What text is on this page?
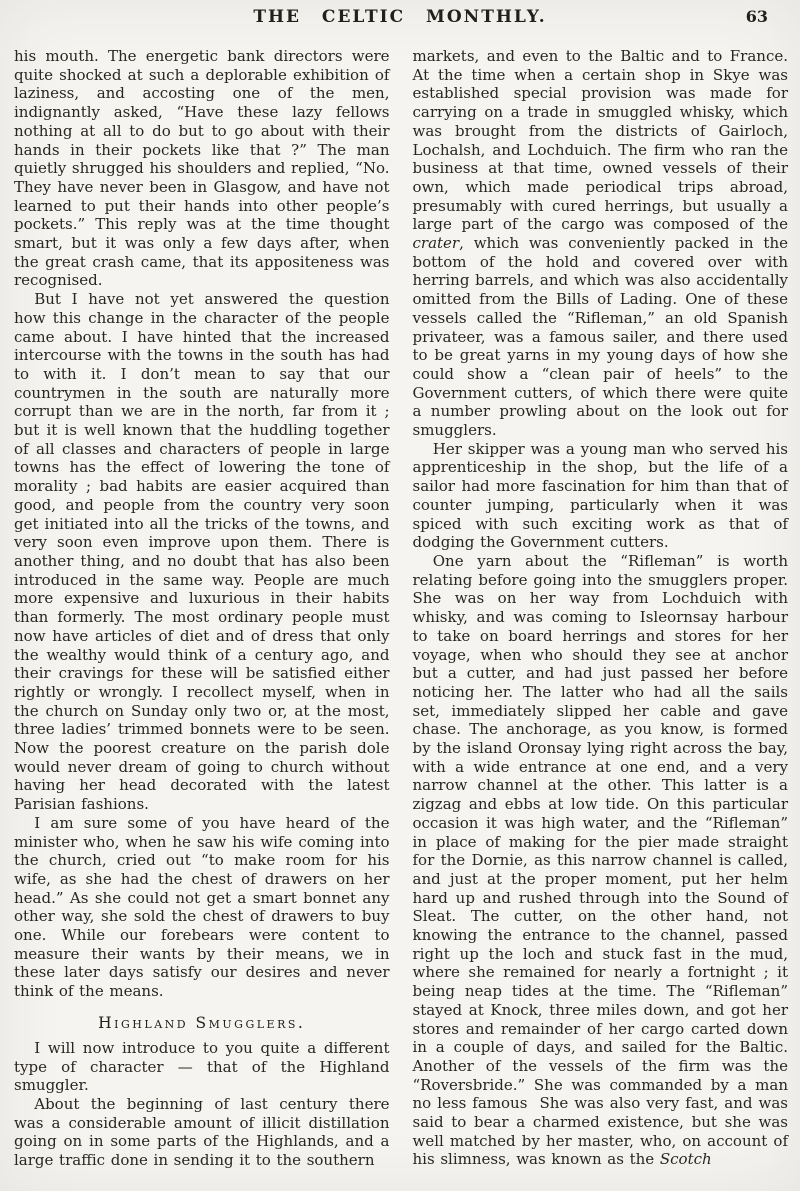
THE CELTIC MONTHLY.	63

his mouth. The energetic bank directors were quite shocked at such a deplorable exhibition of laziness, and accosting one of the men, indignantly asked, “Have these lazy fellows nothing at all to do but to go about with their hands in their pockets like that ?” The man quietly shrugged his shoulders and replied, “No. They have never been in Glasgow, and have not learned to put their hands into other people’s pockets.” This reply was at the time thought smart, but it was only a few days after, when the great crash came, that its appositeness was recognised.

But I have not yet answered the question how this change in the character of the people came about. I have hinted that the increased intercourse with the towns in the south has had to with it. I don’t mean to say that our countrymen in the south are naturally more corrupt than we are in the north, far from it ; but it is well known that the huddling together of all classes and characters of people in large towns has the effect of lowering the tone of morality ; bad habits are easier acquired than good, and people from the country very soon get initiated into all the tricks of the towns, and very soon even improve upon them. There is another thing, and no doubt that has also been introduced in the same way. People are much more expensive and luxurious in their habits than formerly. The most ordinary people must now have articles of diet and of dress that only the wealthy would think of a century ago, and their cravings for these will be satisfied either rightly or wrongly. I recollect myself, when in the church on Sunday only two or, at the most, three ladies’ trimmed bonnets were to be seen. Now the poorest creature on the parish dole would never dream of going to church without having her head decorated with the latest Parisian fashions.

I am sure some of you have heard of the minister who, when he saw his wife coming into the church, cried out “to make room for his wife, as she had the chest of drawers on her head.” As she could not get a smart bonnet any other way, she sold the chest of drawers to buy one. While our forebears were content to measure their wants by their means, we in these later days satisfy our desires and never think of the means.

Highland Smugglers.

I will now introduce to you quite a different type of character — that of the Highland smuggler.

About the beginning of last century there was a considerable amount of illicit distillation going on in some parts of the Highlands, and a large traffic done in sending it to the southern

markets, and even to the Baltic and to France. At the time when a certain shop in Skye was established special provision was made for carrying on a trade in smuggled whisky, which was brought from the districts of Gairloch, Lochalsh, and Lochduich. The firm who ran the business at that time, owned vessels of their own, which made periodical trips abroad, presumably with cured herrings, but usually a large part of the cargo was composed of the crater, which was conveniently packed in the bottom of the hold and covered over with herring barrels, and which was also accidentally omitted from the Bills of Lading. One of these vessels called the “Rifleman,” an old Spanish privateer, was a famous sailer, and there used to be great yarns in my young days of how she could show a “clean pair of heels” to the Government cutters, of which there were quite a number prowling about on the look out for smugglers.

Her skipper was a young man who served his apprenticeship in the shop, but the life of a sailor had more fascination for him than that of counter jumping, particularly when it was spiced with such exciting work as that of dodging the Government cutters.

One yarn about the “Rifleman” is worth relating before going into the smugglers proper. She was on her way from Lochduich with whisky, and was coming to Isleornsay harbour to take on board herrings and stores for her voyage, when who should they see at anchor but a cutter, and had just passed her before noticing her. The latter who had all the sails set, immediately slipped her cable and gave chase. The anchorage, as you know, is formed by the island Oronsay lying right across the bay, with a wide entrance at one end, and a very narrow channel at the other. This latter is a zigzag and ebbs at low tide. On this particular occasion it was high water, and the “Rifleman” in place of making for the pier made straight for the Dornie, as this narrow channel is called, and just at the proper moment, put her helm hard up and rushed through into the Sound of Sleat. The cutter, on the other hand, not knowing the entrance to the channel, passed right up the loch and stuck fast in the mud, where she remained for nearly a fortnight ; it being neap tides at the time. The “Rifleman” stayed at Knock, three miles down, and got her stores and remainder of her cargo carted down in a couple of days, and sailed for the Baltic. Another of the vessels of the firm was the “Roversbride.” She was commanded by a man no less famous  She was also very fast, and was said to bear a charmed existence, but she was well matched by her master, who, on account of his slimness, was known as the Scotch
